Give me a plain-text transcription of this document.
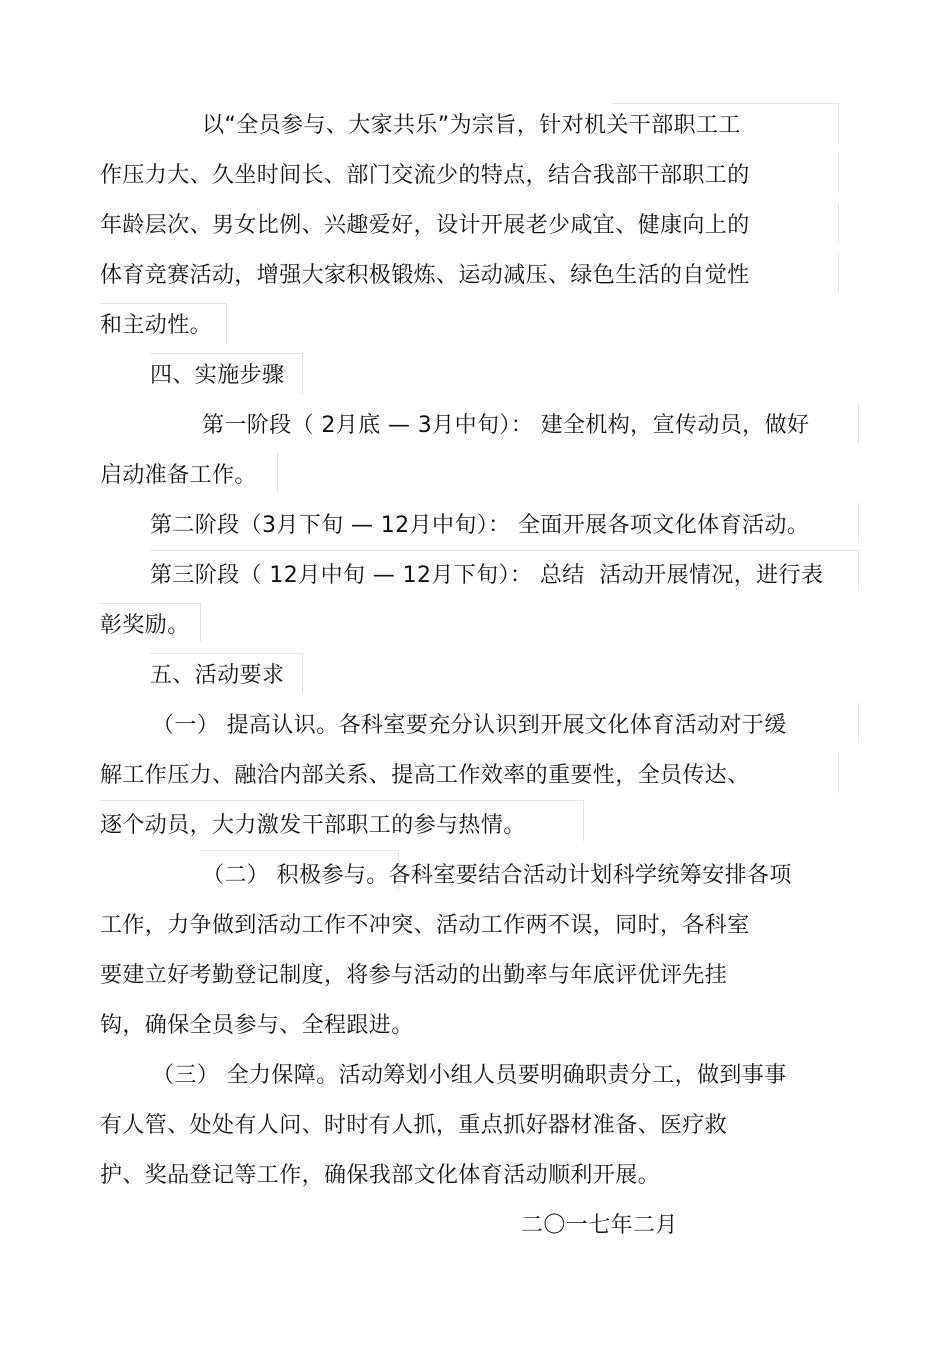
以“全员参与、大家共乐”为宗旨，针对机关干部职工工
作压力大、久坐时间长、部门交流少的特点，结合我部干部职工的
年龄层次、男女比例、兴趣爱好，设计开展老少咸宜、健康向上的
体育竞赛活动，增强大家积极锻炼、运动减压、绿色生活的自觉性
和主动性。
四、实施步骤
第一阶段（ 2月底 — 3月中旬）： 建全机构，宣传动员，做好
启动准备工作。
第二阶段（3月下旬 — 12月中旬）： 全面开展各项文化体育活动。
第三阶段（ 12月中旬 — 12月下旬）： 总结  活动开展情况，进行表
彰奖励。
五、活动要求
（一） 提高认识。各科室要充分认识到开展文化体育活动对于缓
解工作压力、融洽内部关系、提高工作效率的重要性，全员传达、
逐个动员，大力激发干部职工的参与热情。
（二） 积极参与。各科室要结合活动计划科学统筹安排各项
工作，力争做到活动工作不冲突、活动工作两不误，同时，各科室
要建立好考勤登记制度，将参与活动的出勤率与年底评优评先挂
钩，确保全员参与、全程跟进。
（三） 全力保障。活动筹划小组人员要明确职责分工，做到事事
有人管、处处有人问、时时有人抓，重点抓好器材准备、医疗救
护、奖品登记等工作，确保我部文化体育活动顺利开展。
二〇一七年二月
